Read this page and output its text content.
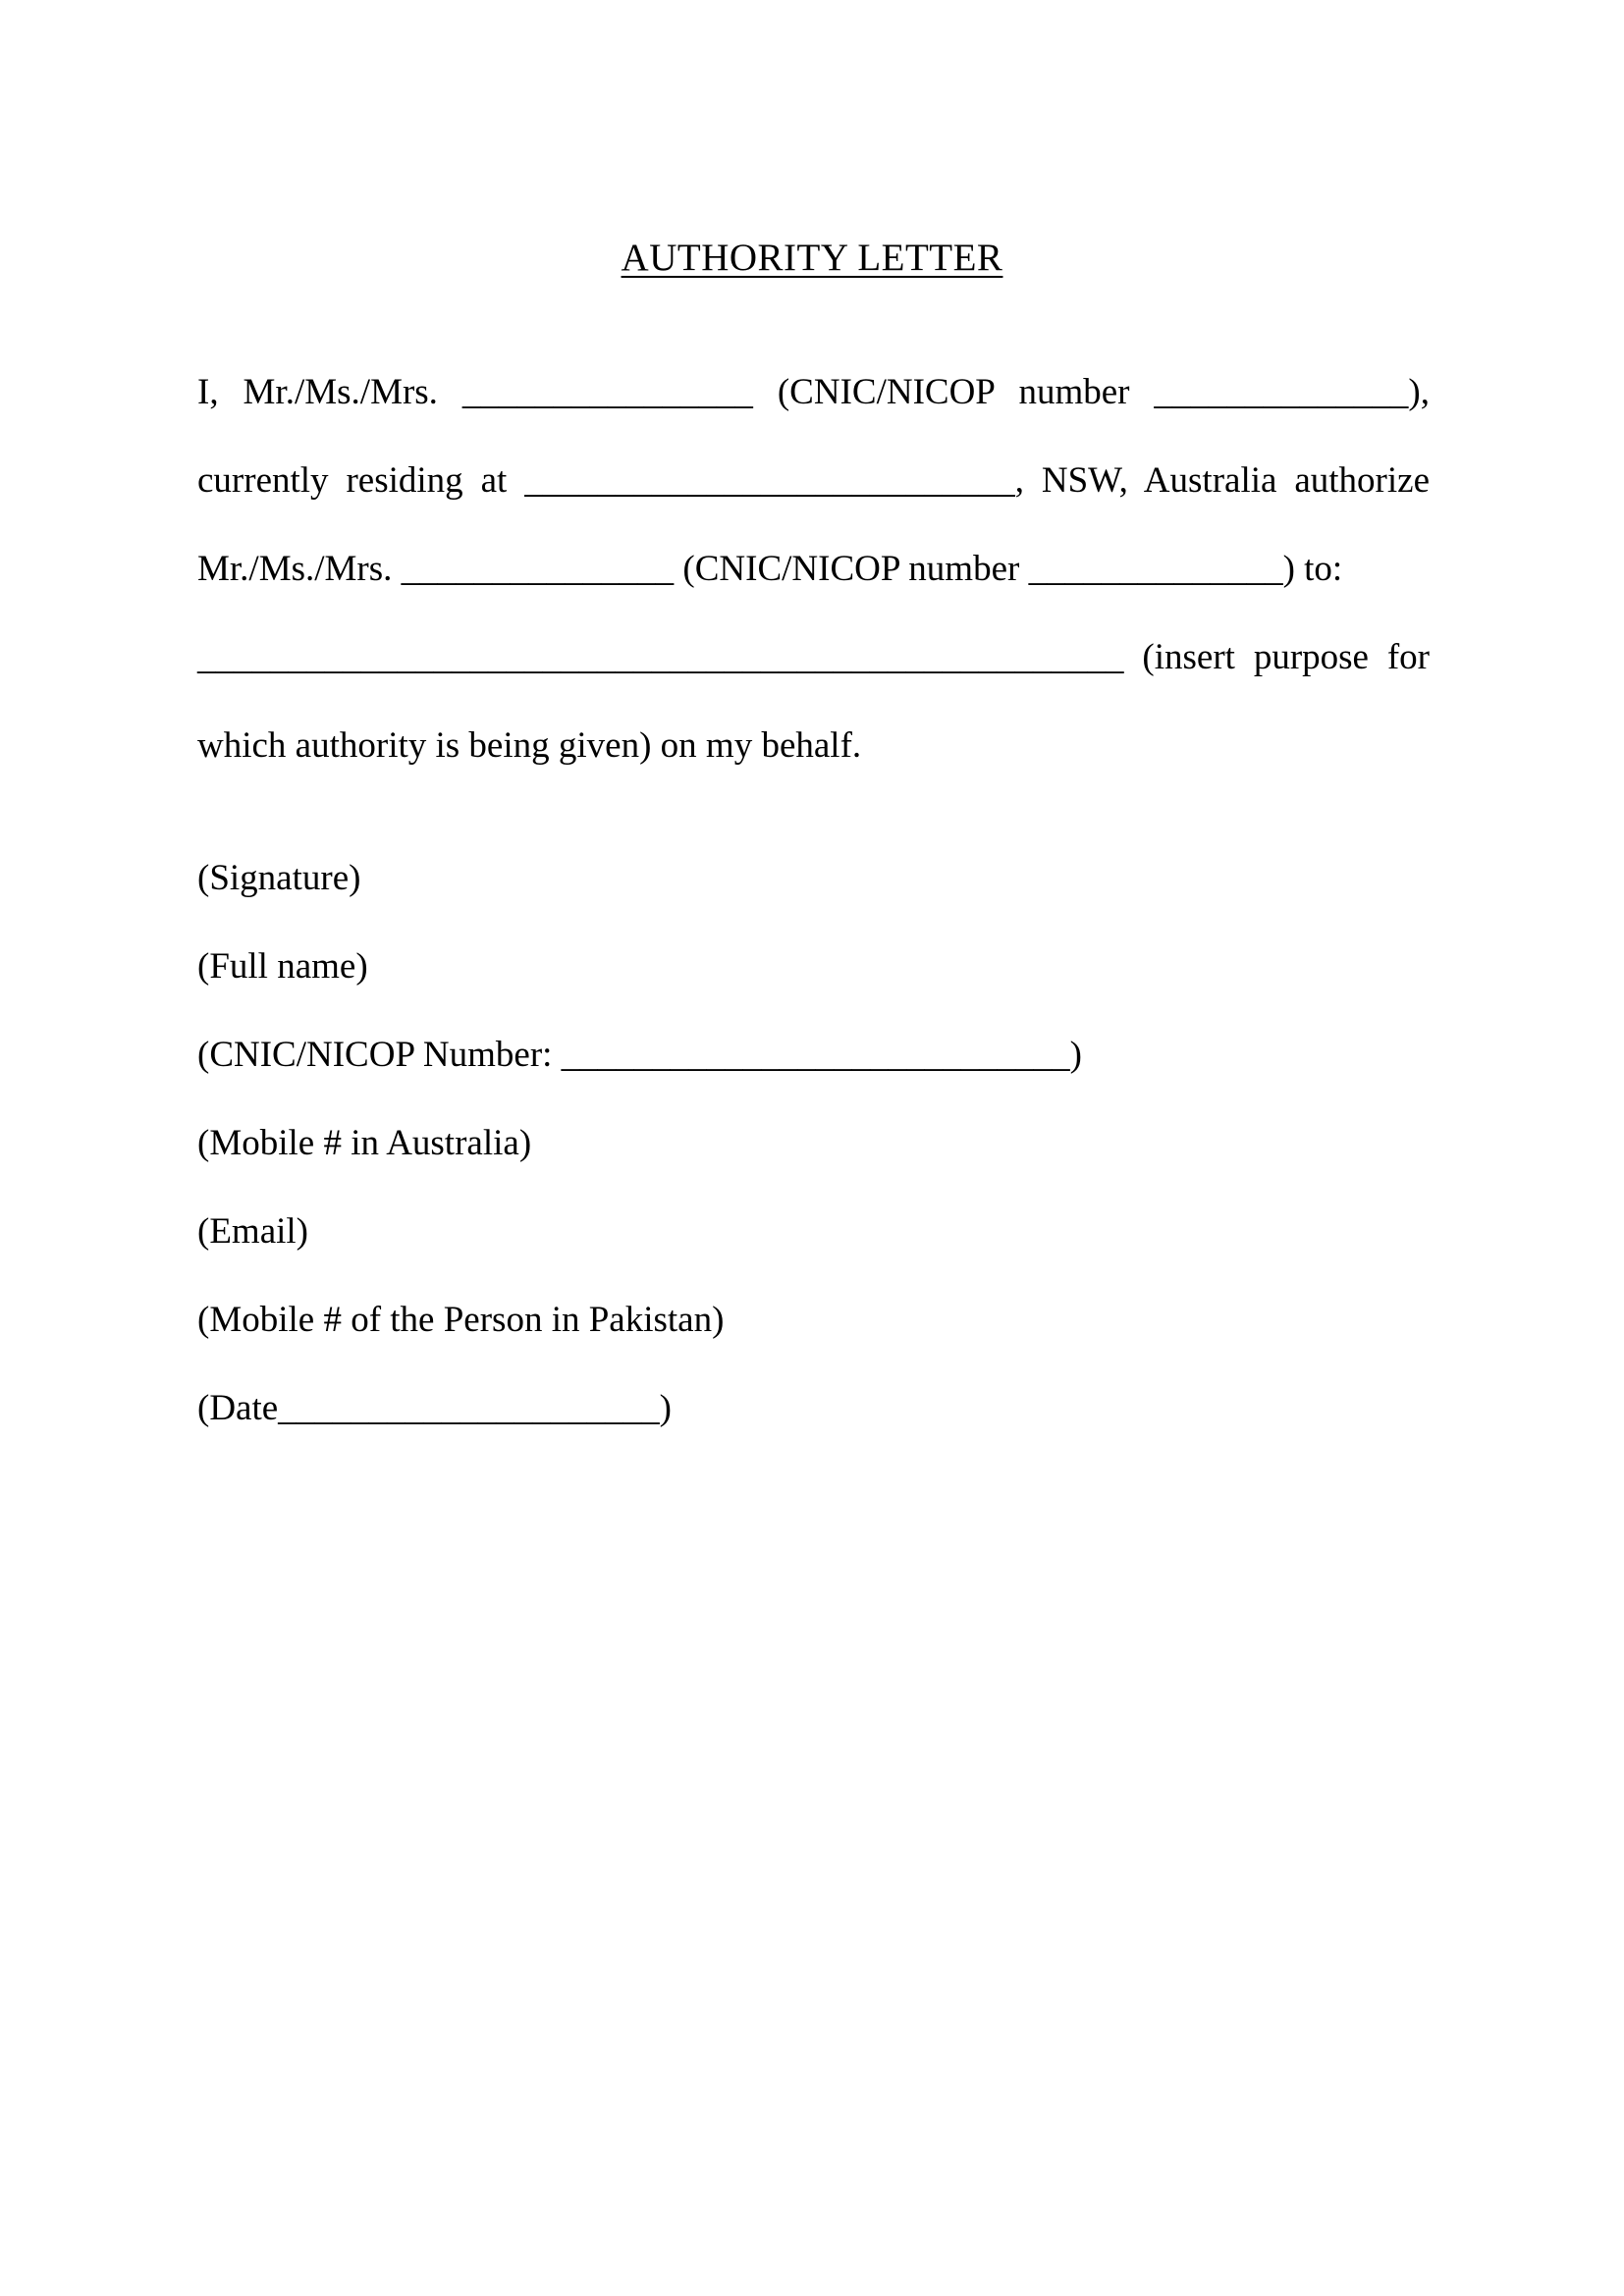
AUTHORITY LETTER
I, Mr./Ms./Mrs. ________________ (CNIC/NICOP number ______________),
currently residing at ___________________________, NSW, Australia authorize
Mr./Ms./Mrs. _______________ (CNIC/NICOP number ______________) to:
___________________________________________________ (insert purpose for
which authority is being given) on my behalf.
(Signature)
(Full name)
(CNIC/NICOP Number: ____________________________)
(Mobile # in Australia)
(Email)
(Mobile # of the Person in Pakistan)
(Date_____________________)
